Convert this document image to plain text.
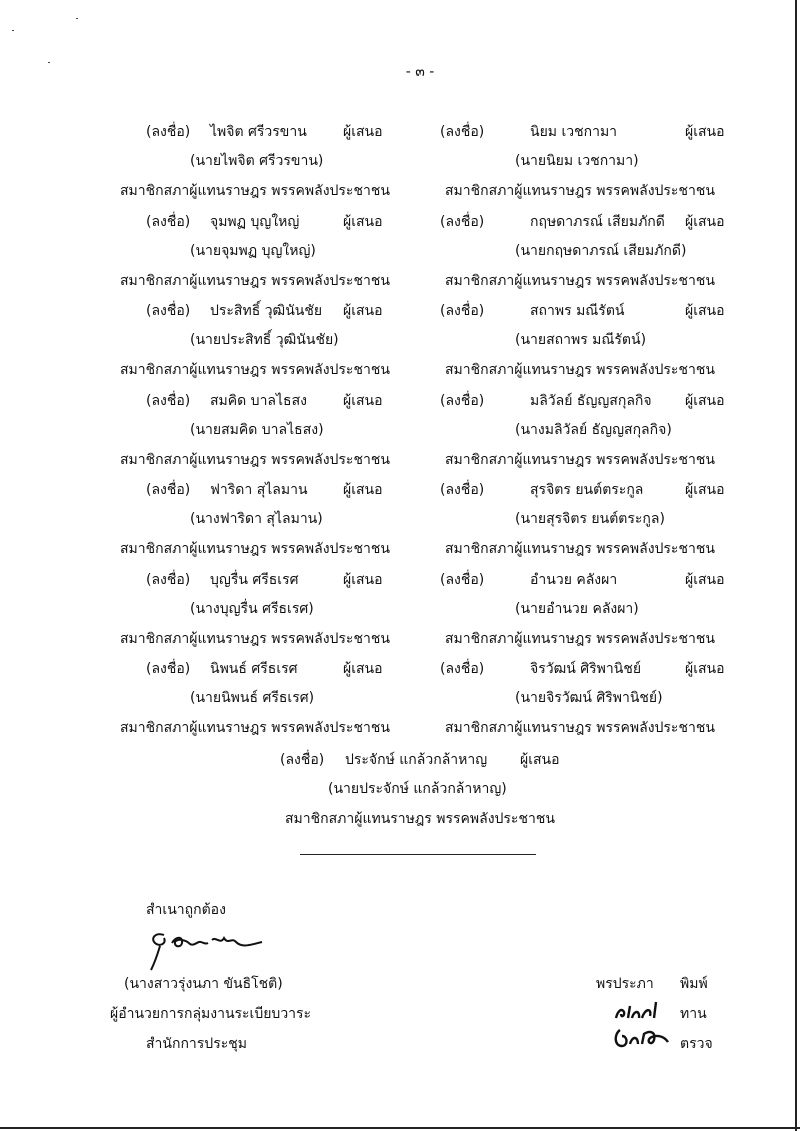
- ๓ -
(ลงชื่อ) ไพจิต ศรีวรขาน	ผู้เสนอ
(นายไพจิต ศรีวรขาน)
สมาชิกสภาผู้แทนราษฎร พรรคพลังประชาชน
(ลงชื่อ)	นิยม เวชกามา	ผู้เสนอ
(นายนิยม เวชกามา)
สมาชิกสภาผู้แทนราษฎร พรรคพลังประชาชน
(ลงชื่อ) จุมพฏ บุญใหญ่	ผู้เสนอ
(นายจุมพฏ บุญใหญ่)
สมาชิกสภาผู้แทนราษฎร พรรคพลังประชาชน
(ลงชื่อ)	กฤษดาภรณ์ เสียมภักดี ผู้เสนอ
(นายกฤษดาภรณ์ เสียมภักดี)
สมาชิกสภาผู้แทนราษฎร พรรคพลังประชาชน
(ลงชื่อ) ประสิทธิ์ วุฒินันชัย ผู้เสนอ
(นายประสิทธิ์ วุฒินันชัย)
สมาชิกสภาผู้แทนราษฎร พรรคพลังประชาชน
(ลงชื่อ)	สถาพร มณีรัตน์	ผู้เสนอ
(นายสถาพร มณีรัตน์)
สมาชิกสภาผู้แทนราษฎร พรรคพลังประชาชน
(ลงชื่อ) สมคิด บาลไธสง	ผู้เสนอ
(นายสมคิด บาลไธสง)
สมาชิกสภาผู้แทนราษฎร พรรคพลังประชาชน
(ลงชื่อ)	มลิวัลย์ ธัญญสกุลกิจ ผู้เสนอ
(นางมลิวัลย์ ธัญญสกุลกิจ)
สมาชิกสภาผู้แทนราษฎร พรรคพลังประชาชน
(ลงชื่อ) ฟาริดา สุไลมาน	ผู้เสนอ
(นางฟาริดา สุไลมาน)
สมาชิกสภาผู้แทนราษฎร พรรคพลังประชาชน
(ลงชื่อ)	สุรจิตร ยนต์ตระกูล	ผู้เสนอ
(นายสุรจิตร ยนต์ตระกูล)
สมาชิกสภาผู้แทนราษฎร พรรคพลังประชาชน
(ลงชื่อ) บุญรื่น ศรีธเรศ	ผู้เสนอ
(นางบุญรื่น ศรีธเรศ)
สมาชิกสภาผู้แทนราษฎร พรรคพลังประชาชน
(ลงชื่อ)	อำนวย คลังผา	ผู้เสนอ
(นายอำนวย คลังผา)
สมาชิกสภาผู้แทนราษฎร พรรคพลังประชาชน
(ลงชื่อ) นิพนธ์ ศรีธเรศ	ผู้เสนอ
(นายนิพนธ์ ศรีธเรศ)
สมาชิกสภาผู้แทนราษฎร พรรคพลังประชาชน
(ลงชื่อ)	จิรวัฒน์ ศิริพานิชย์	ผู้เสนอ
(นายจิรวัฒน์ ศิริพานิชย์)
สมาชิกสภาผู้แทนราษฎร พรรคพลังประชาชน
(ลงชื่อ) ประจักษ์ แกล้วกล้าหาญ ผู้เสนอ
(นายประจักษ์ แกล้วกล้าหาญ)
สมาชิกสภาผู้แทนราษฎร พรรคพลังประชาชน
สำเนาถูกต้อง
(นางสาวรุ่งนภา ขันธิโชติ)
ผู้อำนวยการกลุ่มงานระเบียบวาระ
สำนักการประชุม
พรประภา พิมพ์
ทาน
ตรวจ
